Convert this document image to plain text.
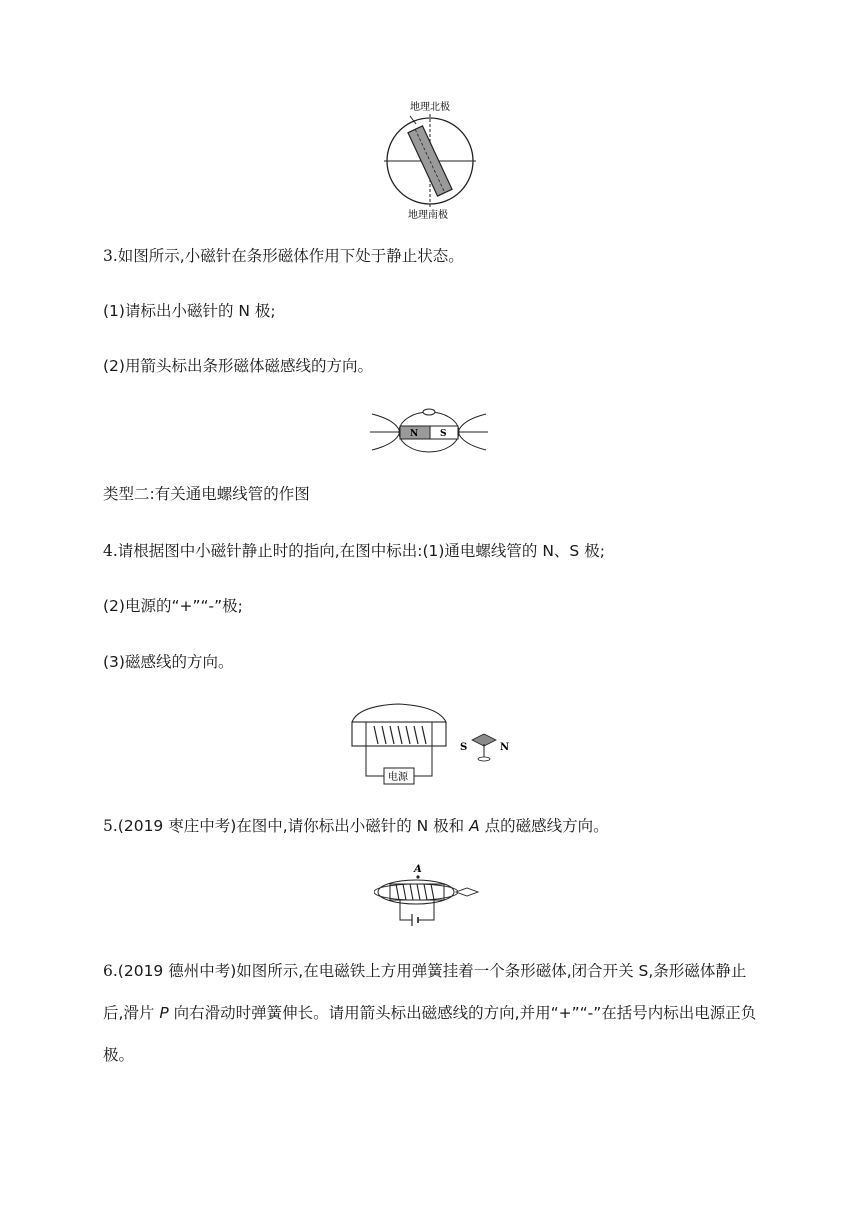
地理北极
地理南极

3.如图所示,小磁针在条形磁体作用下处于静止状态。

(1)请标出小磁针的 N 极;

(2)用箭头标出条形磁体磁感线的方向。

N S

类型二:有关通电螺线管的作图

4.请根据图中小磁针静止时的指向,在图中标出:(1)通电螺线管的 N、S 极;

(2)电源的“+”“-”极;

(3)磁感线的方向。

电源
S	N

5.(2019 枣庄中考)在图中,请你标出小磁针的 N 极和 A 点的磁感线方向。

A

6.(2019 德州中考)如图所示,在电磁铁上方用弹簧挂着一个条形磁体,闭合开关 S,条形磁体静止

后,滑片 P 向右滑动时弹簧伸长。请用箭头标出磁感线的方向,并用“+”“-”在括号内标出电源正负

极。
